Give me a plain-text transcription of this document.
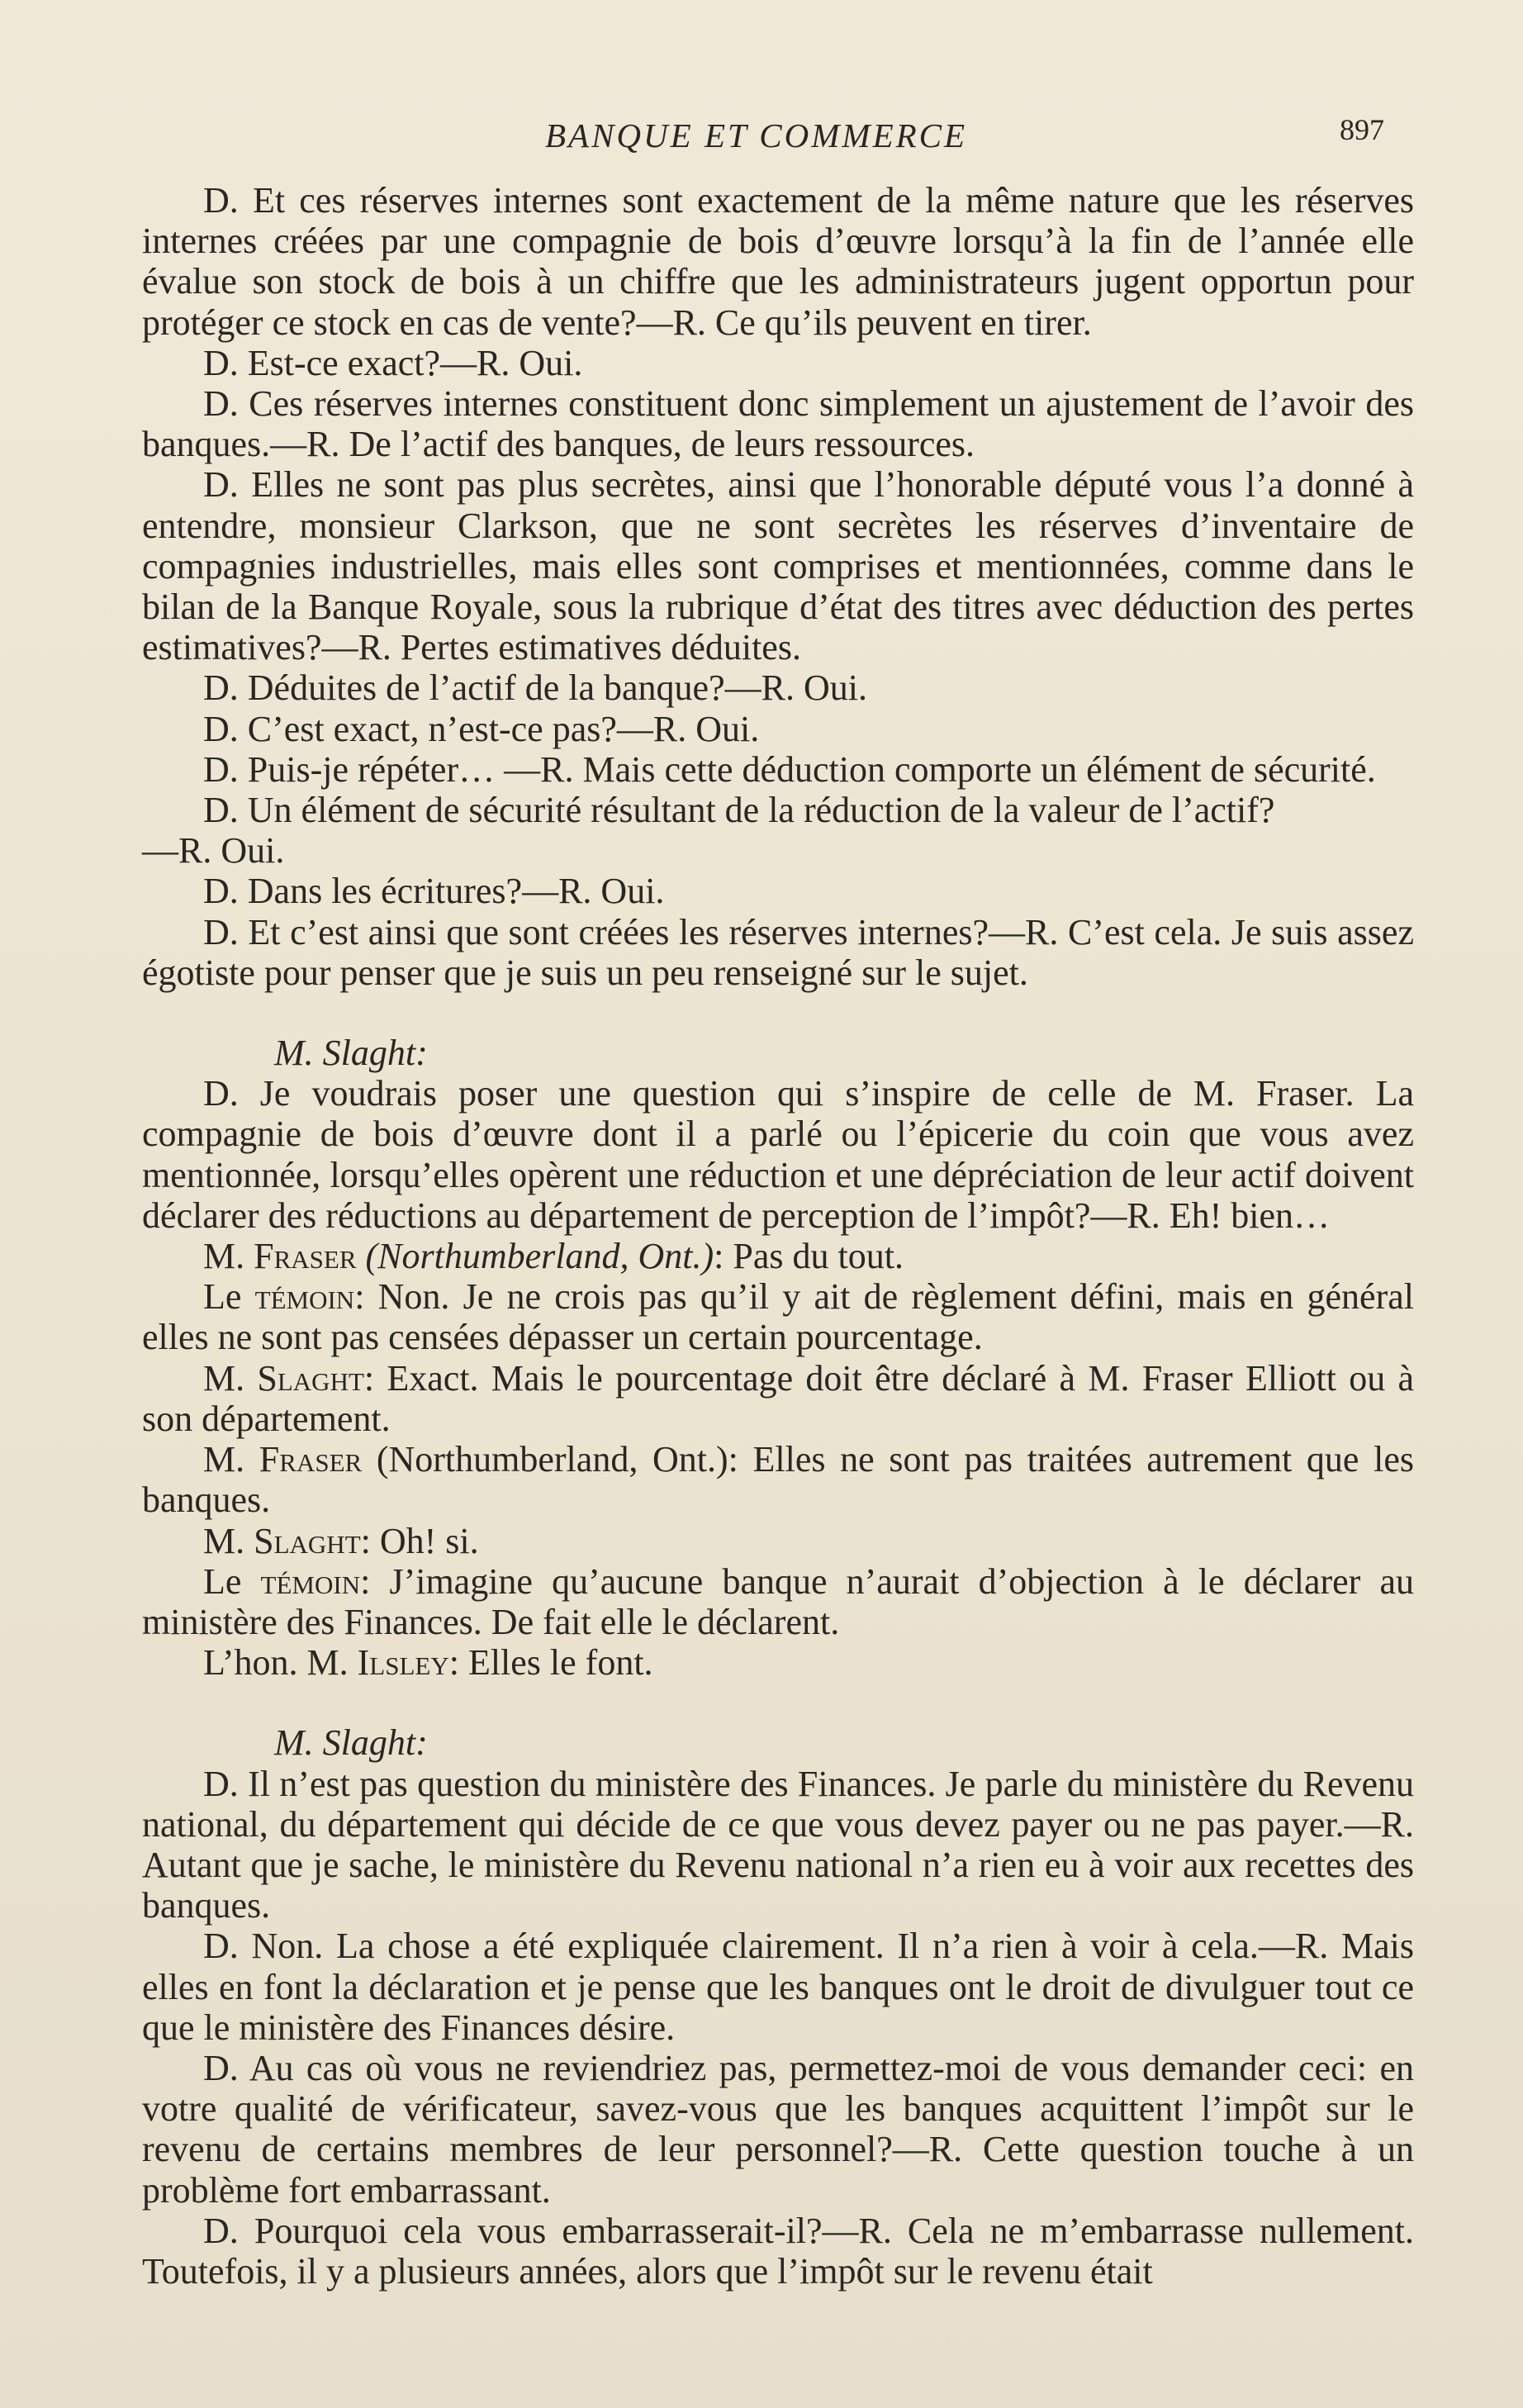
BANQUE ET COMMERCE	897

D. Et ces réserves internes sont exactement de la même nature que les réserves internes créées par une compagnie de bois d’œuvre lorsqu’à la fin de l’année elle évalue son stock de bois à un chiffre que les administrateurs jugent opportun pour protéger ce stock en cas de vente?—R. Ce qu’ils peuvent en tirer.

D. Est-ce exact?—R. Oui.

D. Ces réserves internes constituent donc simplement un ajustement de l’avoir des banques.—R. De l’actif des banques, de leurs ressources.

D. Elles ne sont pas plus secrètes, ainsi que l’honorable député vous l’a donné à entendre, monsieur Clarkson, que ne sont secrètes les réserves d’inventaire de compagnies industrielles, mais elles sont comprises et mentionnées, comme dans le bilan de la Banque Royale, sous la rubrique d’état des titres avec déduction des pertes estimatives?—R. Pertes estimatives déduites.

D. Déduites de l’actif de la banque?—R. Oui.

D. C’est exact, n’est-ce pas?—R. Oui.

D. Puis-je répéter… —R. Mais cette déduction comporte un élément de sécurité.

D. Un élément de sécurité résultant de la réduction de la valeur de l’actif?

—R. Oui.

D. Dans les écritures?—R. Oui.

D. Et c’est ainsi que sont créées les réserves internes?—R. C’est cela. Je suis assez égotiste pour penser que je suis un peu renseigné sur le sujet.

M. Slaght:

D. Je voudrais poser une question qui s’inspire de celle de M. Fraser. La compagnie de bois d’œuvre dont il a parlé ou l’épicerie du coin que vous avez mentionnée, lorsqu’elles opèrent une réduction et une dépréciation de leur actif doivent déclarer des réductions au département de perception de l’impôt?—R. Eh! bien…

M. Fraser (Northumberland, Ont.): Pas du tout.

Le témoin: Non. Je ne crois pas qu’il y ait de règlement défini, mais en général elles ne sont pas censées dépasser un certain pourcentage.

M. Slaght: Exact. Mais le pourcentage doit être déclaré à M. Fraser Elliott ou à son département.

M. Fraser (Northumberland, Ont.): Elles ne sont pas traitées autrement que les banques.

M. Slaght: Oh! si.

Le témoin: J’imagine qu’aucune banque n’aurait d’objection à le déclarer au ministère des Finances. De fait elle le déclarent.

L’hon. M. Ilsley: Elles le font.

M. Slaght:

D. Il n’est pas question du ministère des Finances. Je parle du ministère du Revenu national, du département qui décide de ce que vous devez payer ou ne pas payer.—R. Autant que je sache, le ministère du Revenu national n’a rien eu à voir aux recettes des banques.

D. Non. La chose a été expliquée clairement. Il n’a rien à voir à cela.—R. Mais elles en font la déclaration et je pense que les banques ont le droit de divulguer tout ce que le ministère des Finances désire.

D. Au cas où vous ne reviendriez pas, permettez-moi de vous demander ceci: en votre qualité de vérificateur, savez-vous que les banques acquittent l’impôt sur le revenu de certains membres de leur personnel?—R. Cette question touche à un problème fort embarrassant.

D. Pourquoi cela vous embarrasserait-il?—R. Cela ne m’embarrasse nullement. Toutefois, il y a plusieurs années, alors que l’impôt sur le revenu était
